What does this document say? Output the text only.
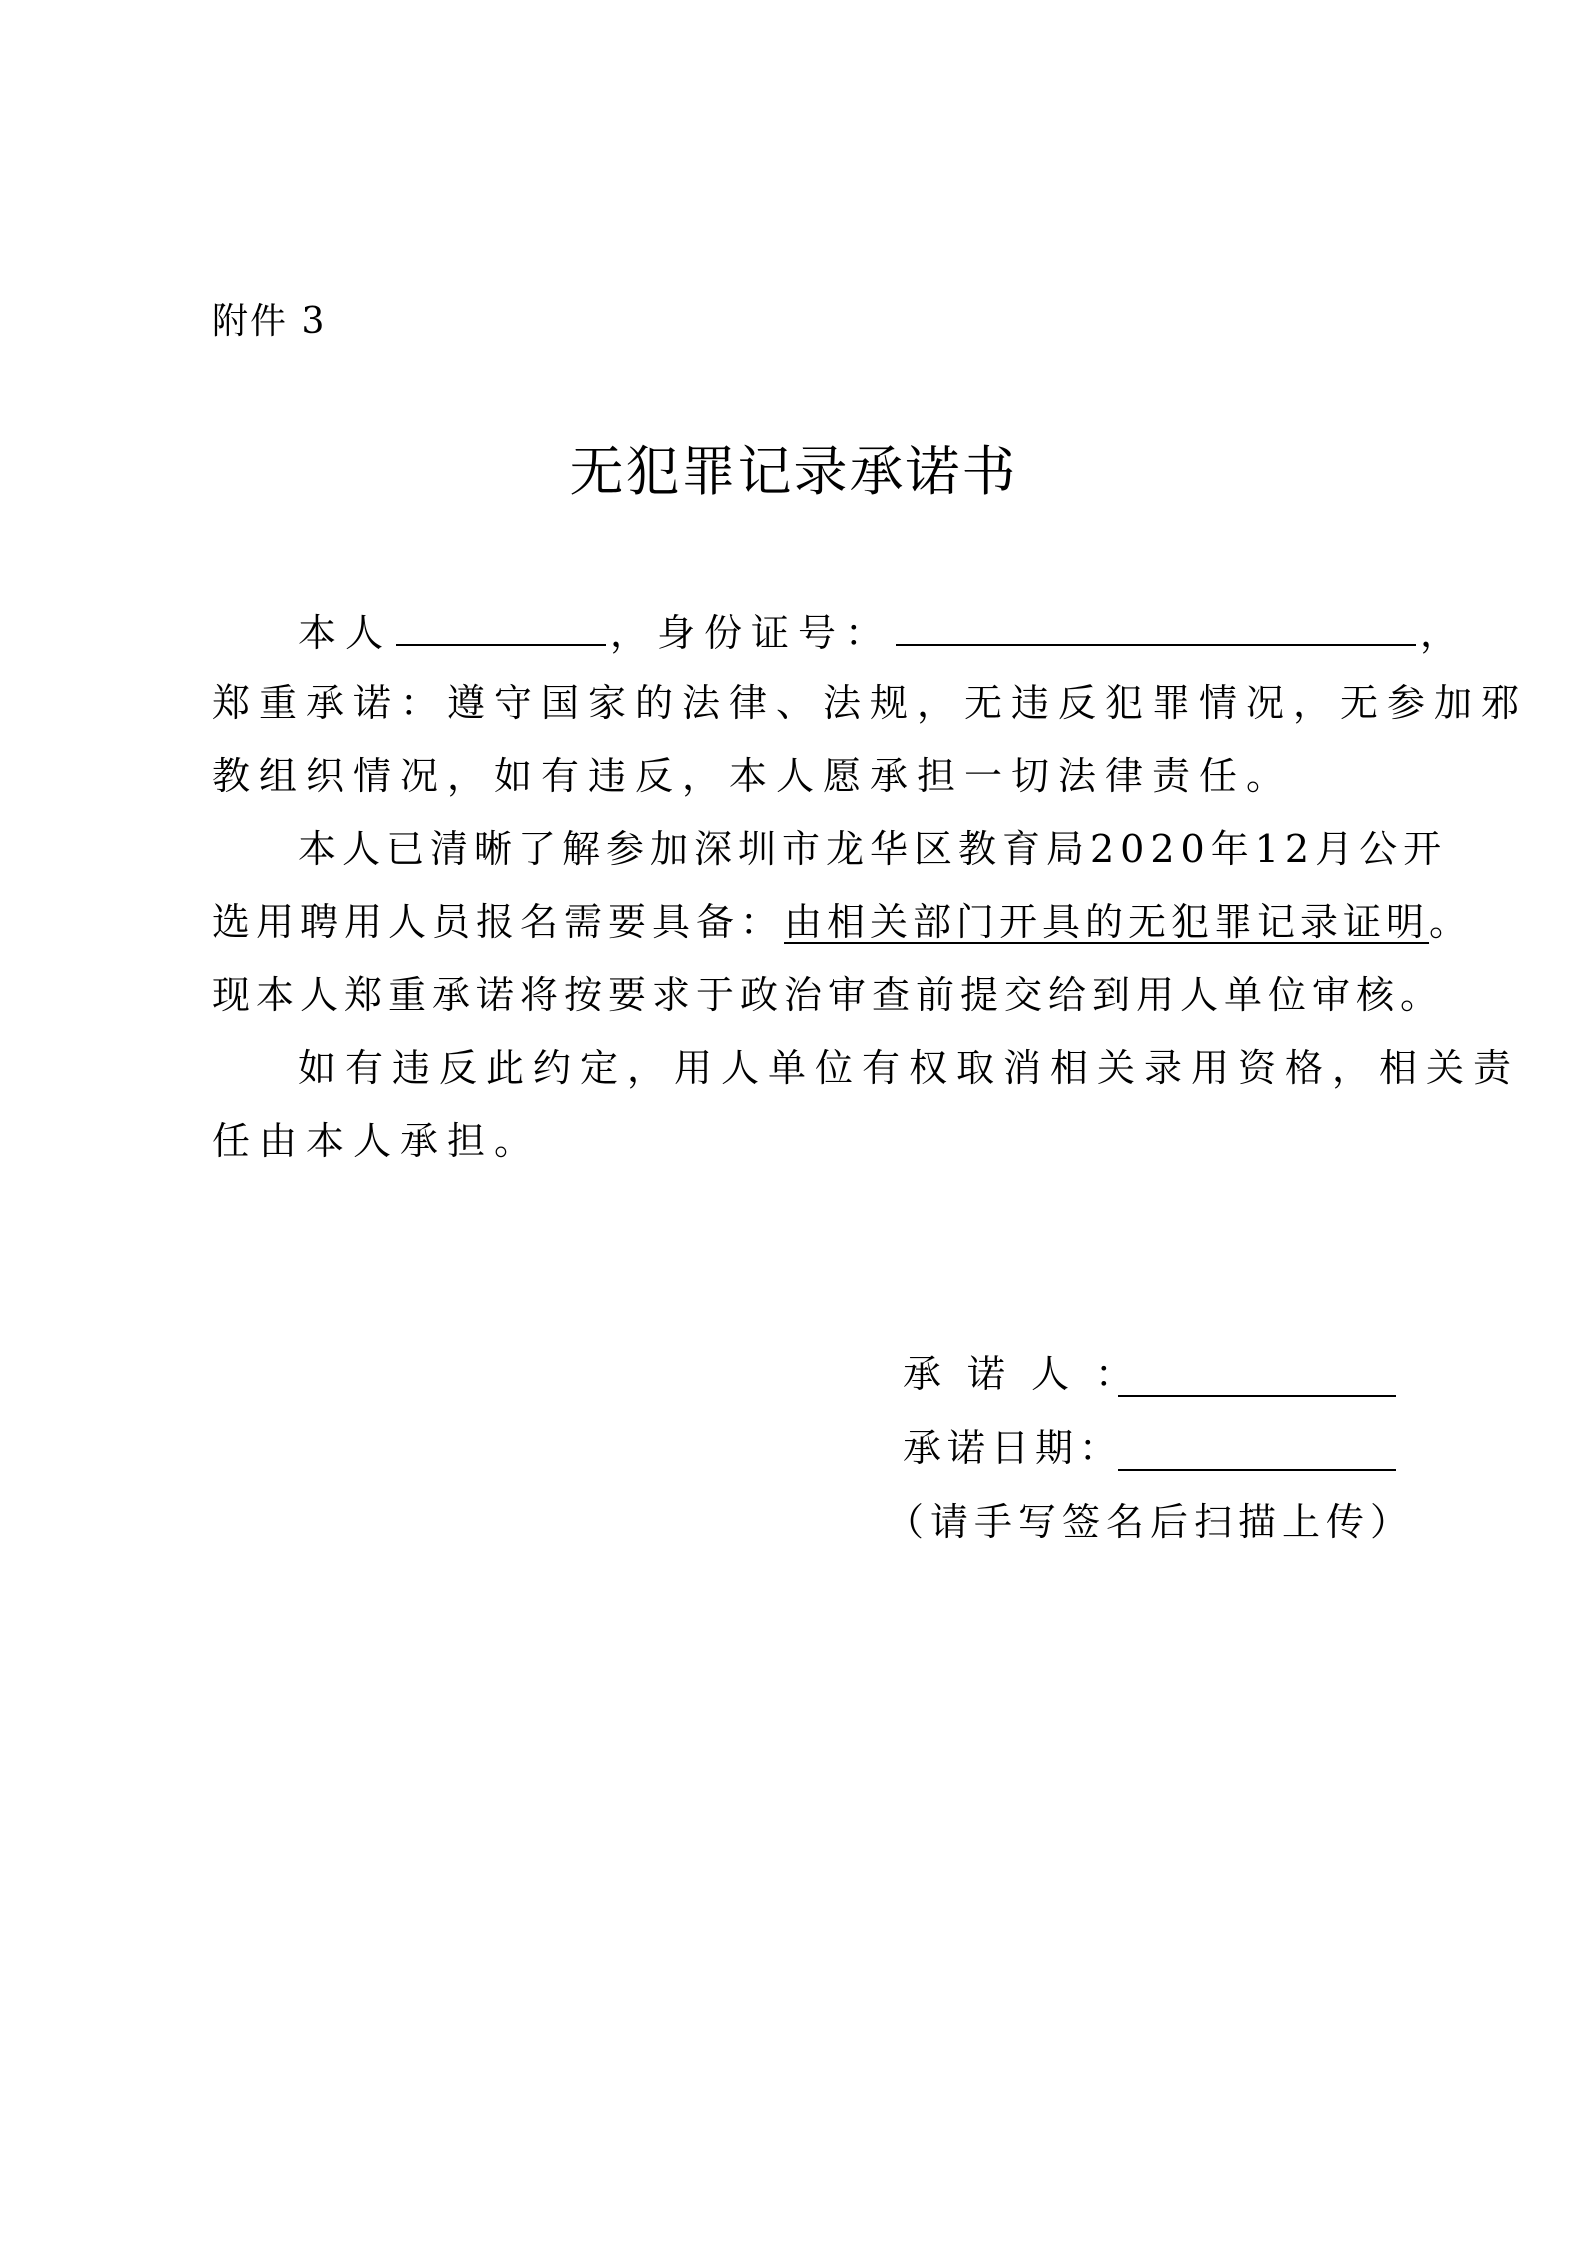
附件 3
无犯罪记录承诺书
本人	，身份证号：	，
郑重承诺：遵守国家的法律、法规，无违反犯罪情况，无参加邪
教组织情况，如有违反，本人愿承担一切法律责任。
本人已清晰了解参加深圳市龙华区教育局2020年12月公开
选用聘用人员报名需要具备：由相关部门开具的无犯罪记录证明。
现本人郑重承诺将按要求于政治审查前提交给到用人单位审核。
如有违反此约定，用人单位有权取消相关录用资格，相关责
任由本人承担。
承诺人：
承诺日期：
（请手写签名后扫描上传）
